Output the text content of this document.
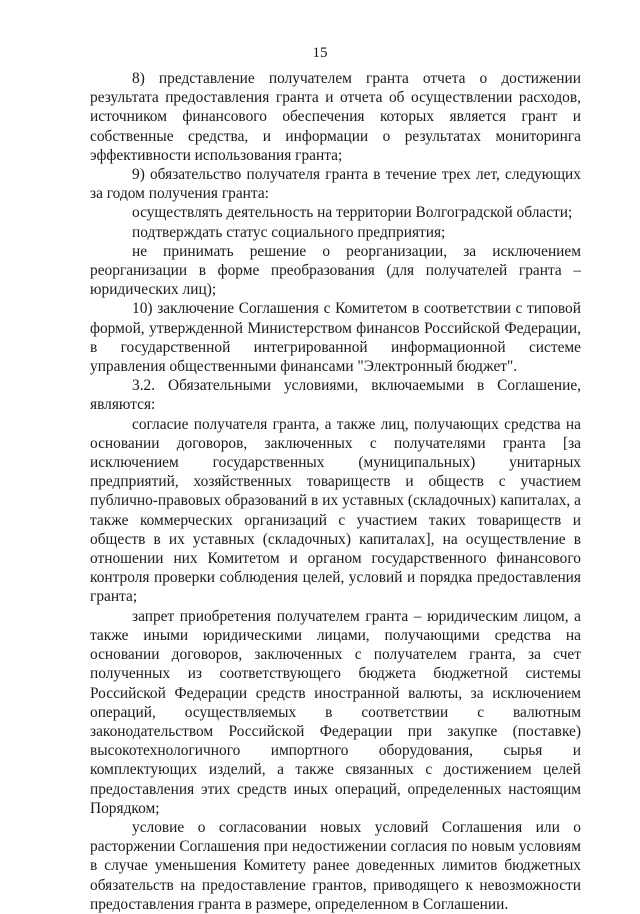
15

8) представление получателем гранта отчета о достижении результата предоставления гранта и отчета об осуществлении расходов, источником финансового обеспечения которых является грант и собственные средства, и информации о результатах мониторинга эффективности использования гранта;

9) обязательство получателя гранта в течение трех лет, следующих за годом получения гранта:

осуществлять деятельность на территории Волгоградской области;

подтверждать статус социального предприятия;

не принимать решение о реорганизации, за исключением реорганизации в форме преобразования (для получателей гранта – юридических лиц);

10) заключение Соглашения с Комитетом в соответствии с типовой формой, утвержденной Министерством финансов Российской Федерации, в государственной интегрированной информационной системе управления общественными финансами "Электронный бюджет".

3.2. Обязательными условиями, включаемыми в Соглашение, являются:

согласие получателя гранта, а также лиц, получающих средства на основании договоров, заключенных с получателями гранта [за исключением государственных (муниципальных) унитарных предприятий, хозяйственных товариществ и обществ с участием публично-правовых образований в их уставных (складочных) капиталах, а также коммерческих организаций с участием таких товариществ и обществ в их уставных (складочных) капиталах], на осуществление в отношении них Комитетом и органом государственного финансового контроля проверки соблюдения целей, условий и порядка предоставления гранта;

запрет приобретения получателем гранта – юридическим лицом, а также иными юридическими лицами, получающими средства на основании договоров, заключенных с получателем гранта, за счет полученных из соответствующего бюджета бюджетной системы Российской Федерации средств иностранной валюты, за исключением операций, осуществляемых в соответствии с валютным законодательством Российской Федерации при закупке (поставке) высокотехнологичного импортного оборудования, сырья и комплектующих изделий, а также связанных с достижением целей предоставления этих средств иных операций, определенных настоящим Порядком;

условие о согласовании новых условий Соглашения или о расторжении Соглашения при недостижении согласия по новым условиям в случае уменьшения Комитету ранее доведенных лимитов бюджетных обязательств на предоставление грантов, приводящего к невозможности предоставления гранта в размере, определенном в Соглашении.
